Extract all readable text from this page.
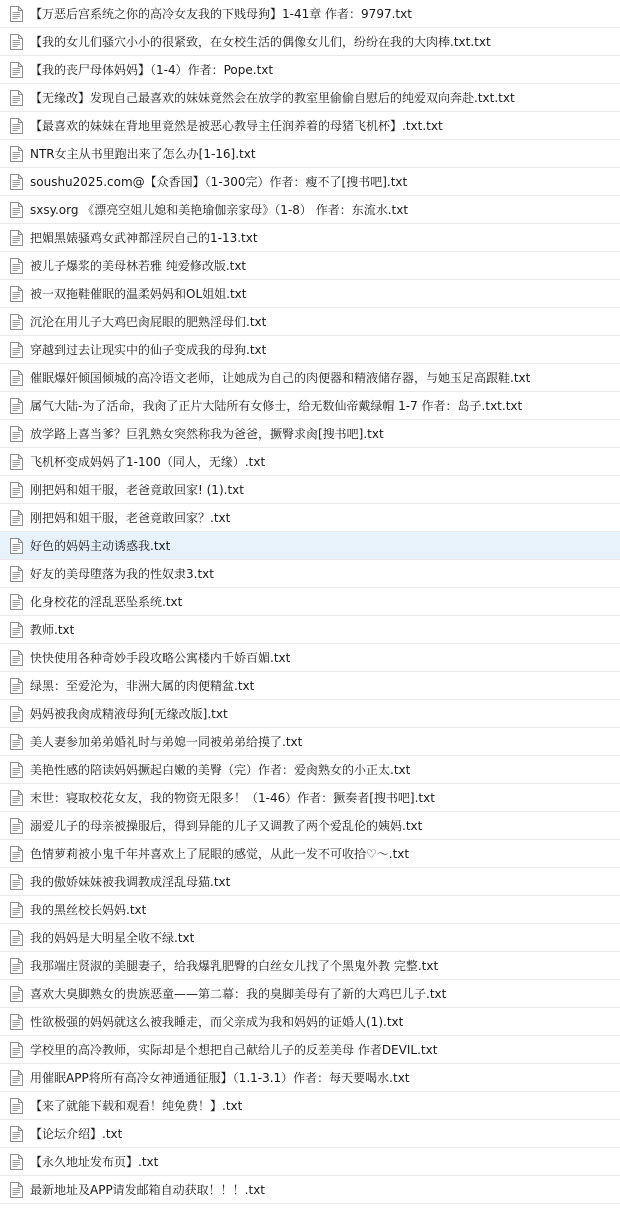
【万恶后宫系统之你的高冷女友我的下贱母狗】1-41章 作者：9797.txt
【我的女儿们骚穴小小的很紧致，在女校生活的偶像女儿们，纷纷在我的大肉棒.txt.txt
【我的丧尸母体妈妈】（1-4）作者：Pope.txt
【无缘改】发现自己最喜欢的妹妹竟然会在放学的教室里偷偷自慰后的纯爱双向奔赴.txt.txt
【最喜欢的妹妹在背地里竟然是被恶心教导主任润养着的母猪飞机杯】.txt.txt
NTR女主从书里跑出来了怎么办[1-16].txt
soushu2025.com@【众香国】（1-300完）作者：瘦不了[搜书吧].txt
sxsy.org 《漂亮空姐儿媳和美艳瑜伽亲家母》（1-8） 作者：东流水.txt
把媚黑婊骚鸡女武神都淫屄自己的1-13.txt
被儿子爆浆的美母林若雅 纯爱修改版.txt
被一双拖鞋催眠的温柔妈妈和OL姐姐.txt
沉沦在用儿子大鸡巴肏屁眼的肥熟淫母们.txt
穿越到过去让现实中的仙子变成我的母狗.txt
催眠爆奸倾国倾城的高冷语文老师，让她成为自己的肉便器和精液储存器，与她玉足高跟鞋.txt
属气大陆-为了活命，我肏了正片大陆所有女修士，给无数仙帝戴绿帽 1-7 作者：岛子.txt.txt
放学路上喜当爹？巨乳熟女突然称我为爸爸，撅臀求肏[搜书吧].txt
飞机杯变成妈妈了1-100（同人，无缘）.txt
刚把妈和姐干服，老爸竟敢回家! (1).txt
刚把妈和姐干服，老爸竟敢回家？.txt
好色的妈妈主动诱惑我.txt
好友的美母堕落为我的性奴隶3.txt
化身校花的淫乱恶坠系统.txt
教师.txt
快快使用各种奇妙手段攻略公寓楼内千娇百媚.txt
绿黑：至爱沦为，非洲大属的肉便精盆.txt
妈妈被我肏成精液母狗[无缘改版].txt
美人妻参加弟弟婚礼时与弟媳一同被弟弟给摸了.txt
美艳性感的陪读妈妈撅起白嫩的美臀（完）作者：爱肏熟女的小正太.txt
末世：寝取校花女友，我的物资无限多！（1-46）作者：獗奏者[搜书吧].txt
溺爱儿子的母亲被操服后，得到异能的儿子又调教了两个爱乱伦的姨妈.txt
色情萝莉被小鬼千年丼喜欢上了屁眼的感觉，从此一发不可收拾♡～.txt
我的傲娇妹妹被我调教成淫乱母猫.txt
我的黑丝校长妈妈.txt
我的妈妈是大明星全收不绿.txt
我那端庄贤淑的美腿妻子，给我爆乳肥臀的白丝女儿找了个黑鬼外教 完整.txt
喜欢大臭脚熟女的贵族恶童——第二幕：我的臭脚美母有了新的大鸡巴儿子.txt
性欲极强的妈妈就这么被我睡走，而父亲成为我和妈妈的证婚人(1).txt
学校里的高冷教师，实际却是个想把自己献给儿子的反差美母 作者DEVIL.txt
用催眠APP将所有高冷女神通通征服】（1.1-3.1）作者：每天要喝水.txt
【来了就能下载和观看！纯免费！】.txt
【论坛介绍】.txt
【永久地址发布页】.txt
最新地址及APP请发邮箱自动获取！！！.txt
